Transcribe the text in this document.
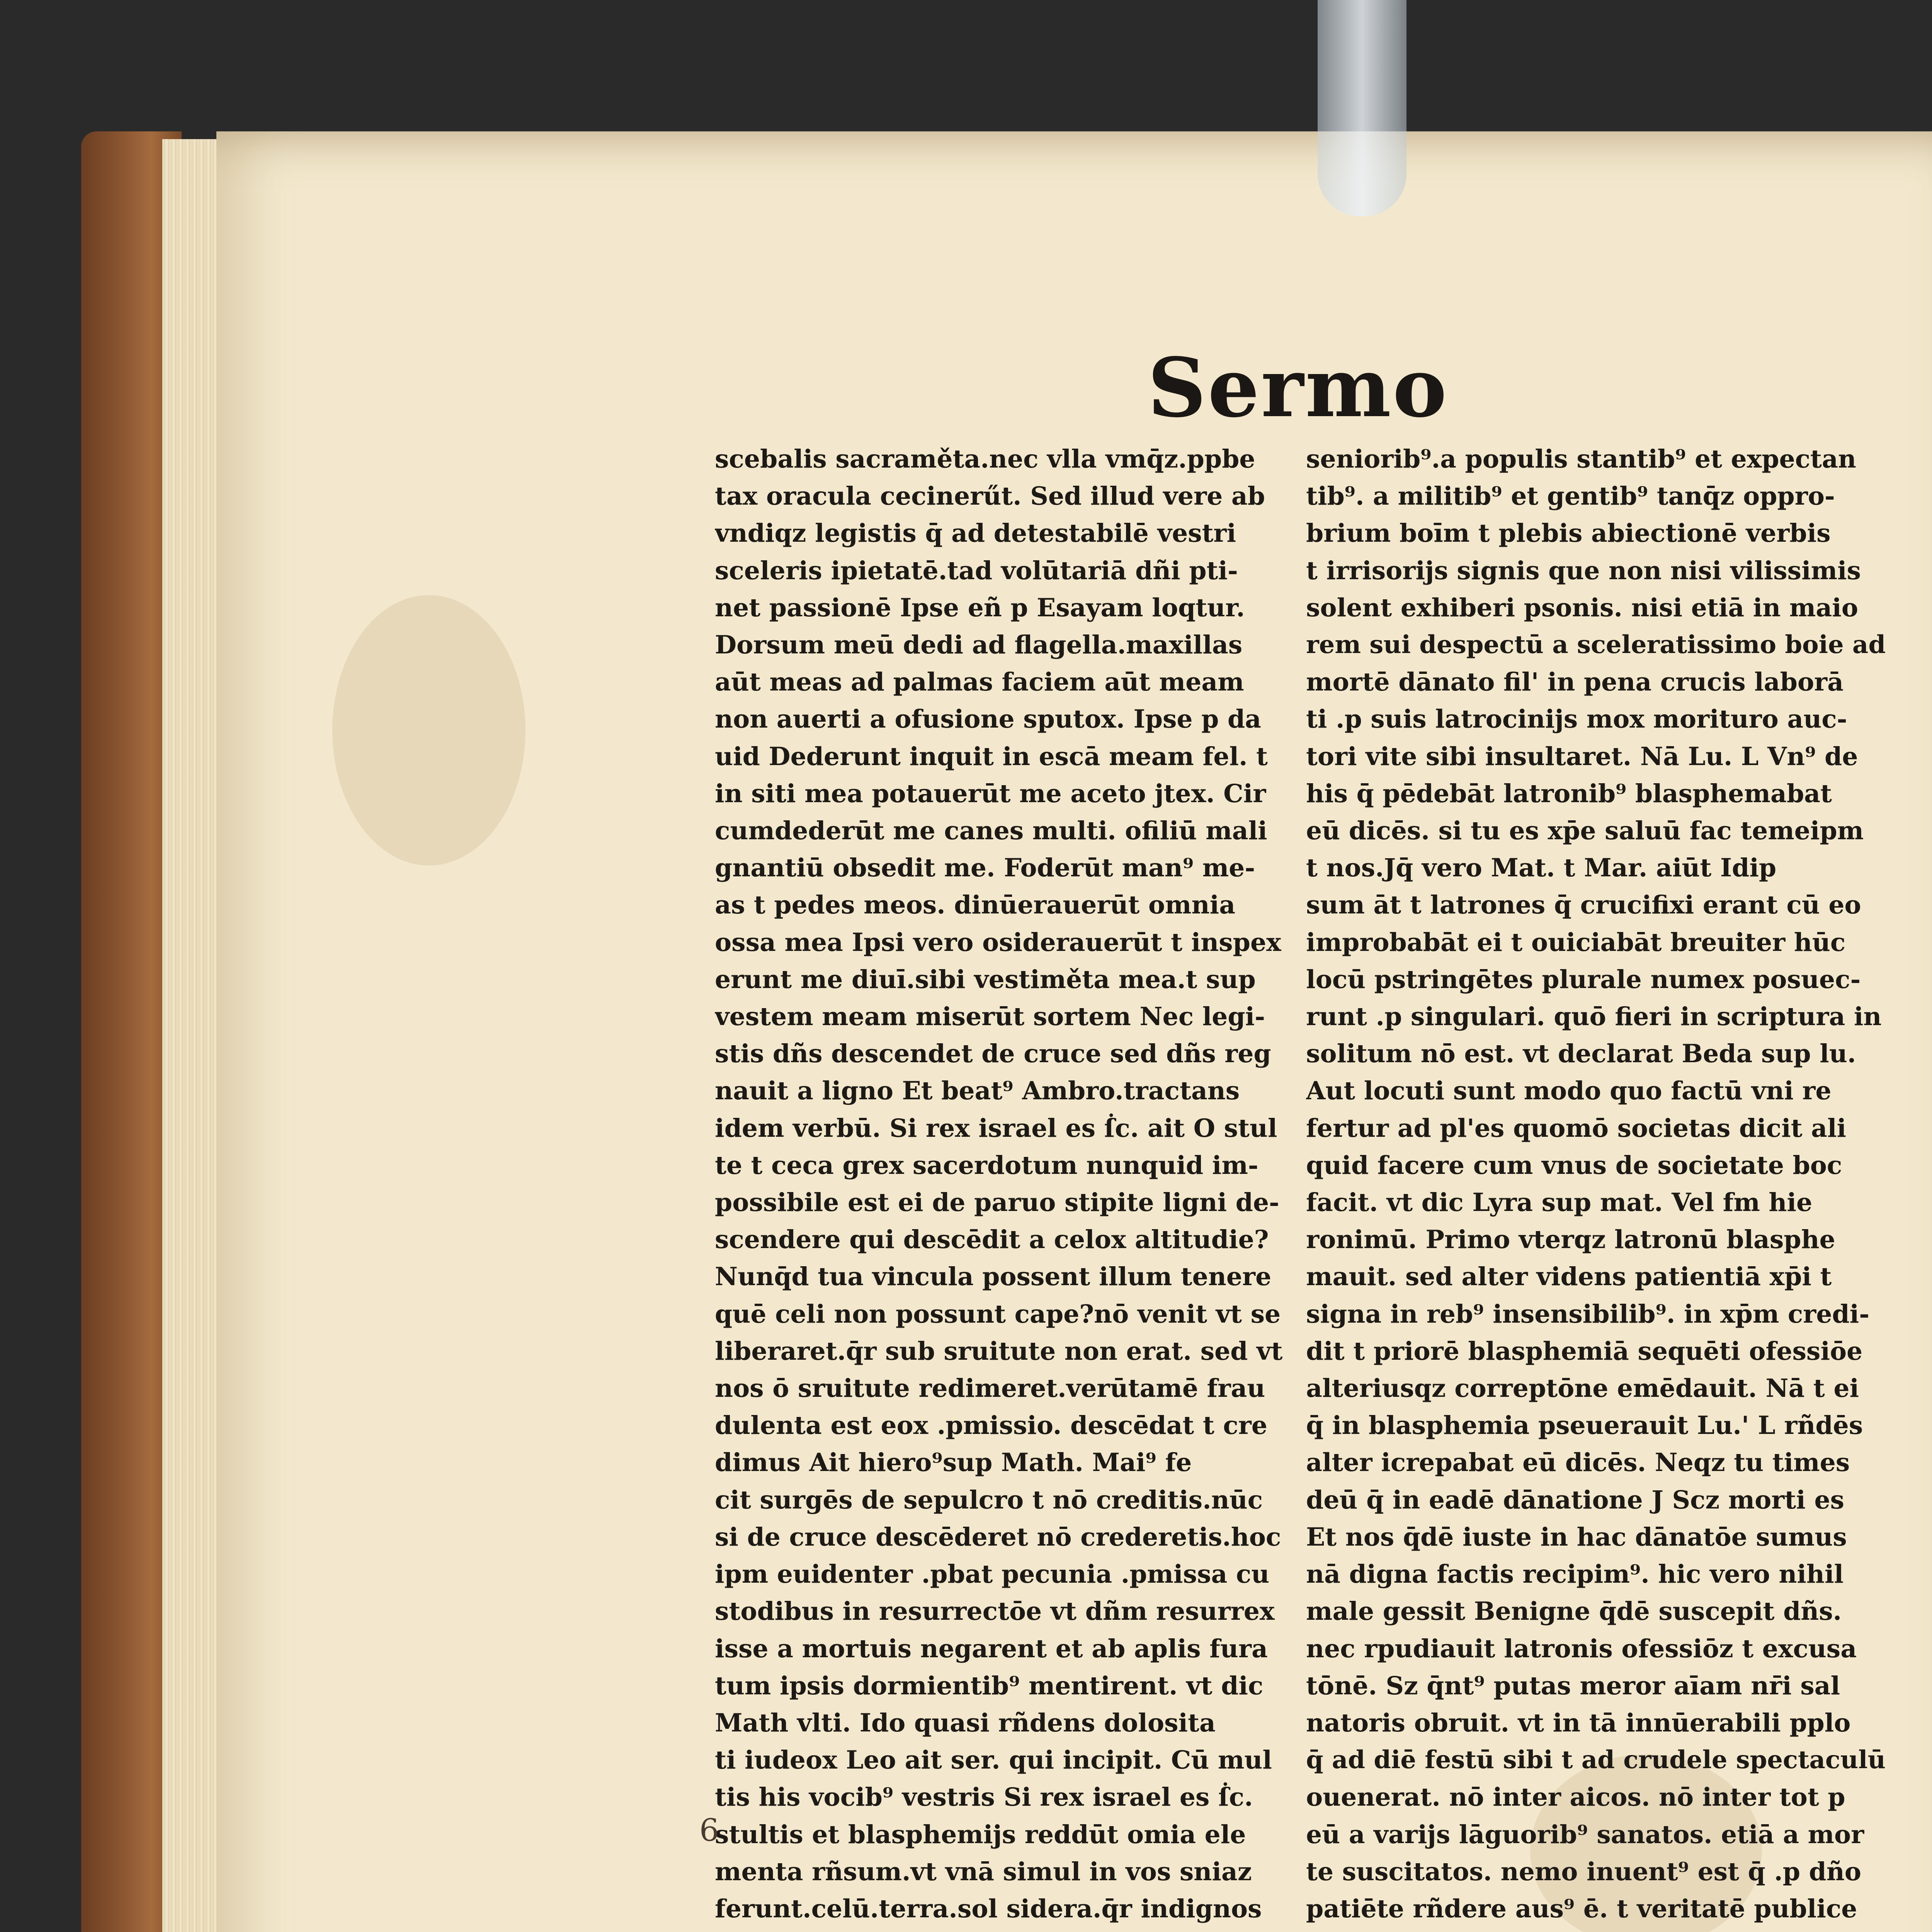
Sermo
scebalis sacraměta.nec vlla vmq̄z.ppbe
tax oracula cecinerűt. Sed illud vere ab
vndiqz legistis q̄ ad detestabilē vestri
sceleris ipietatē.tad volūtariā dñi pti-
net passionē Ipse eñ p Esayam loqtur.
Dorsum meū dedi ad flagella.maxillas
aūt meas ad palmas faciem aūt meam
non auerti a ofusione sputox. Ipse p da
uid Dederunt inquit in escā meam fel. t
in siti mea potauerūt me aceto jtex. Cir
cumdederūt me canes multi. ofiliū mali
gnantiū obsedit me. Foderūt man⁹ me-
as t pedes meos. dinūerauerūt omnia
ossa mea Ipsi vero osiderauerūt t inspex
erunt me diuī.sibi vestiměta mea.t sup
vestem meam miserūt sortem Nec legi-
stis dñs descendet de cruce sed dñs reg
nauit a ligno Et beat⁹ Ambro.tractans
idem verbū. Si rex israel es ẛc. ait O stul
te t ceca grex sacerdotum nunquid im-
possibile est ei de paruo stipite ligni de-
scendere qui descēdit a celox altitudie?
Nunq̄d tua vincula possent illum tenere
quē celi non possunt cape?nō venit vt se
liberaret.q̄r sub sruitute non erat. sed vt
nos ō sruitute redimeret.verūtamē frau
dulenta est eox .pmissio. descēdat t cre
dimus Ait hiero⁹sup Math. Mai⁹ fe
cit surgēs de sepulcro t nō creditis.nūc
si de cruce descēderet nō crederetis.hoc
ipm euidenter .pbat pecunia .pmissa cu
stodibus in resurrectōe vt dñm resurrex
isse a mortuis negarent et ab aplis fura
tum ipsis dormientib⁹ mentirent. vt dic
Math vlti. Ido quasi rñdens dolosita
ti iudeox Leo ait ser. qui incipit. Cū mul
tis his vocib⁹ vestris Si rex israel es ẛc.
stultis et blasphemijs reddūt omia ele
menta rñsum.vt vnā simul in vos sniaz
ferunt.celū.terra.sol sidera.q̄r indignos
seniorib⁹.a populis stantib⁹ et expectan
tib⁹. a militib⁹ et gentib⁹ tanq̄z oppro-
brium boīm t plebis abiectionē verbis
t irrisorijs signis que non nisi vilissimis
solent exhiberi psonis. nisi etiā in maio
rem sui despectū a sceleratissimo boie ad
mortē dānato fil' in pena crucis laborā
ti .p suis latrocinijs mox morituro auc-
tori vite sibi insultaret. Nā Lu. L Vn⁹ de
his q̄ pēdebāt latronib⁹ blasphemabat
eū dicēs. si tu es xp̄e saluū fac temeipm
t nos.Jq̄ vero Mat. t Mar. aiūt Idip
sum āt t latrones q̄ crucifixi erant cū eo
improbabāt ei t ouiciabāt breuiter hūc
locū pstringētes plurale numex posuec-
runt .p singulari. quō fieri in scriptura in
solitum nō est. vt declarat Beda sup lu.
Aut locuti sunt modo quo factū vni re
fertur ad pl'es quomō societas dicit ali
quid facere cum vnus de societate boc
facit. vt dic Lyra sup mat. Vel fm hie
ronimū. Primo vterqz latronū blasphe
mauit. sed alter videns patientiā xp̄i t
signa in reb⁹ insensibilib⁹. in xp̄m credi-
dit t priorē blasphemiā sequēti ofessiōe
alteriusqz correptōne emēdauit. Nā t ei
q̄ in blasphemia pseuerauit Lu.' L rñdēs
alter icrepabat eū dicēs. Neqz tu times
deū q̄ in eadē dānatione J Scz morti es
Et nos q̄dē iuste in hac dānatōe sumus
nā digna factis recipim⁹. hic vero nihil
male gessit Benigne q̄dē suscepit dñs.
nec rpudiauit latronis ofessiōz t excusa
tōnē. Sz q̄nt⁹ putas meror aīam nr̄i sal
natoris obruit. vt in tā innūerabili pplo
q̄ ad diē festū sibi t ad crudele spectaculū
ouenerat. nō inter aicos. nō inter tot p
eū a varijs lāguorib⁹ sanatos. etiā a mor
te suscitatos. nemo inuent⁹ est q̄ .p dño
patiēte rñdere aus⁹ ē. t veritatē publice
6
